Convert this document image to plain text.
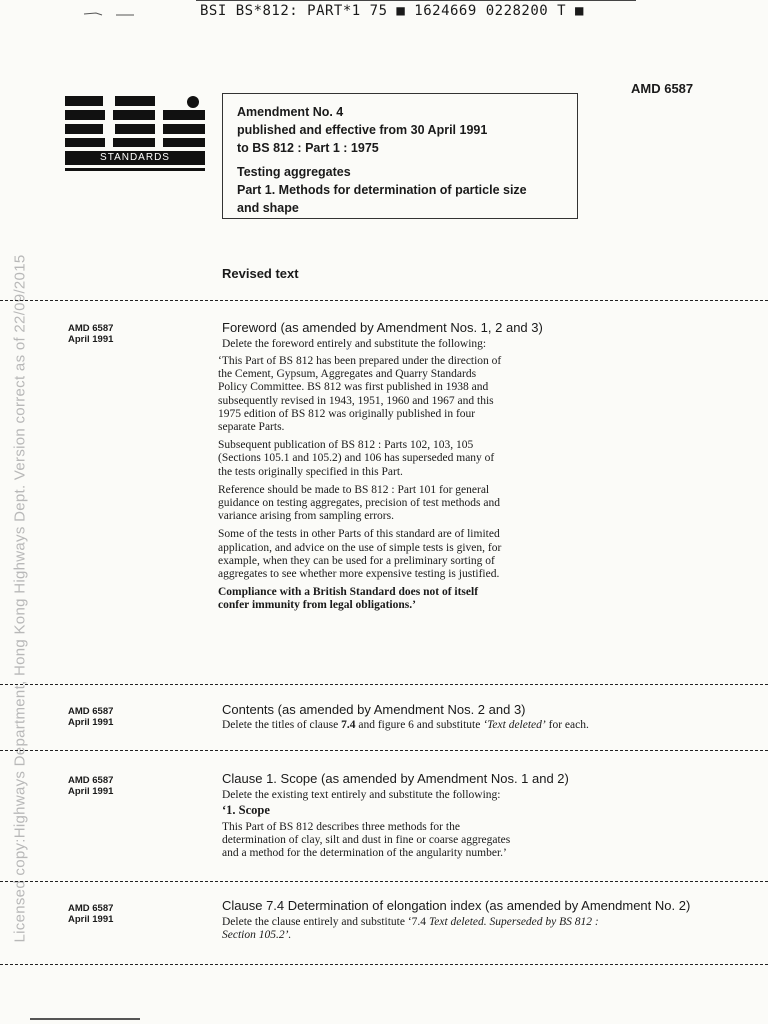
BSI BS*812: PART*1 75 ■ 1624669 0228200 T ■
Licensed copy:Highways Department, Hong Kong Highways Dept. Version correct as of 22/09/2015
AMD 6587
STANDARDS
Amendment No. 4
published and effective from 30 April 1991
to BS 812 : Part 1 : 1975
Testing aggregates
Part 1. Methods for determination of particle size
and shape
Revised text
AMD 6587
April 1991
Foreword (as amended by Amendment Nos. 1, 2 and 3)
Delete the foreword entirely and substitute the following:

‘This Part of BS 812 has been prepared under the direction of the Cement, Gypsum, Aggregates and Quarry Standards Policy Committee. BS 812 was first published in 1938 and subsequently revised in 1943, 1951, 1960 and 1967 and this 1975 edition of BS 812 was originally published in four separate Parts.

Subsequent publication of BS 812 : Parts 102, 103, 105 (Sections 105.1 and 105.2) and 106 has superseded many of the tests originally specified in this Part.

Reference should be made to BS 812 : Part 101 for general guidance on testing aggregates, precision of test methods and variance arising from sampling errors.

Some of the tests in other Parts of this standard are of limited application, and advice on the use of simple tests is given, for example, when they can be used for a preliminary sorting of aggregates to see whether more expensive testing is justified.

Compliance with a British Standard does not of itself confer immunity from legal obligations.’

AMD 6587
April 1991
Contents (as amended by Amendment Nos. 2 and 3)
Delete the titles of clause 7.4 and figure 6 and substitute ‘Text deleted’ for each.
AMD 6587
April 1991
Clause 1. Scope (as amended by Amendment Nos. 1 and 2)
Delete the existing text entirely and substitute the following:
‘1. Scope
This Part of BS 812 describes three methods for the determination of clay, silt and dust in fine or coarse aggregates and a method for the determination of the angularity number.’
AMD 6587
April 1991
Clause 7.4 Determination of elongation index (as amended by Amendment No. 2)
Delete the clause entirely and substitute ‘7.4 Text deleted. Superseded by BS 812 :
Section 105.2’.
